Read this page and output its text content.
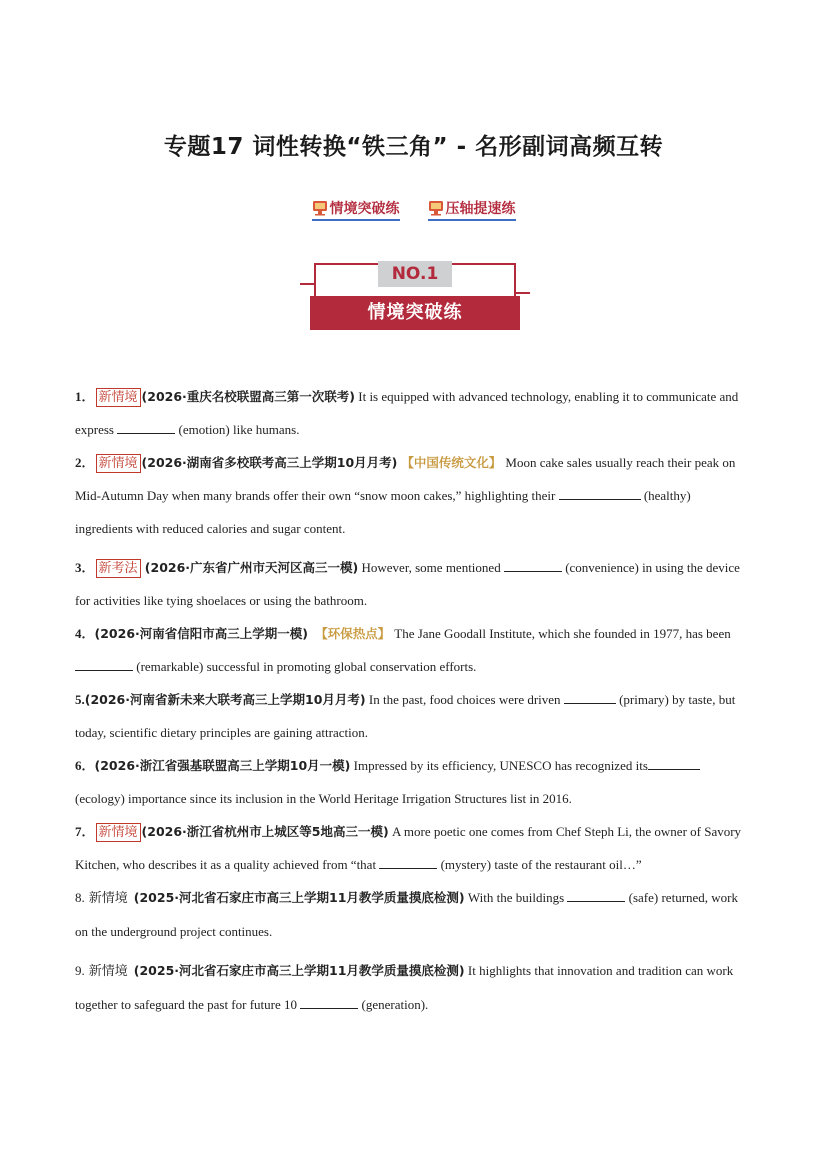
专题17 词性转换“铁三角” - 名形副词高频互转
情境突破练	压轴提速练
NO.1
情境突破练
1． 新情境 (2026·重庆名校联盟高三第一次联考) It is equipped with advanced technology, enabling it to communicate and express	(emotion) like humans.
2． 新情境 (2026·湖南省多校联考高三上学期10月月考) 【中国传统文化】 Moon cake sales usually reach their peak on Mid-Autumn Day when many brands offer their own “snow moon cakes,” highlighting their	(healthy) ingredients with reduced calories and sugar content.
3． 新考法 (2026·广东省广州市天河区高三一模) However, some mentioned	(convenience) in using the device for activities like tying shoelaces or using the bathroom.
4．(2026·河南省信阳市高三上学期一模) 【环保热点】 The Jane Goodall Institute, which she founded in 1977, has been  (remarkable) successful in promoting global conservation efforts.
5.(2026·河南省新未来大联考高三上学期10月月考) In the past, food choices were driven	(primary) by taste, but today, scientific dietary principles are gaining attraction.
6．(2026·浙江省强基联盟高三上学期10月一模) Impressed by its efficiency, UNESCO has recognized its (ecology) importance since its inclusion in the World Heritage Irrigation Structures list in 2016.
7． 新情境 (2026·浙江省杭州市上城区等5地高三一模) A more poetic one comes from Chef Steph Li, the owner of Savory Kitchen, who describes it as a quality achieved from “that	(mystery) taste of the restaurant oil…”
8. 新情境 (2025·河北省石家庄市高三上学期11月教学质量摸底检测) With the buildings	(safe) returned, work on the underground project continues.
9. 新情境 (2025·河北省石家庄市高三上学期11月教学质量摸底检测) It highlights that innovation and tradition can work together to safeguard the past for future 10	(generation).
